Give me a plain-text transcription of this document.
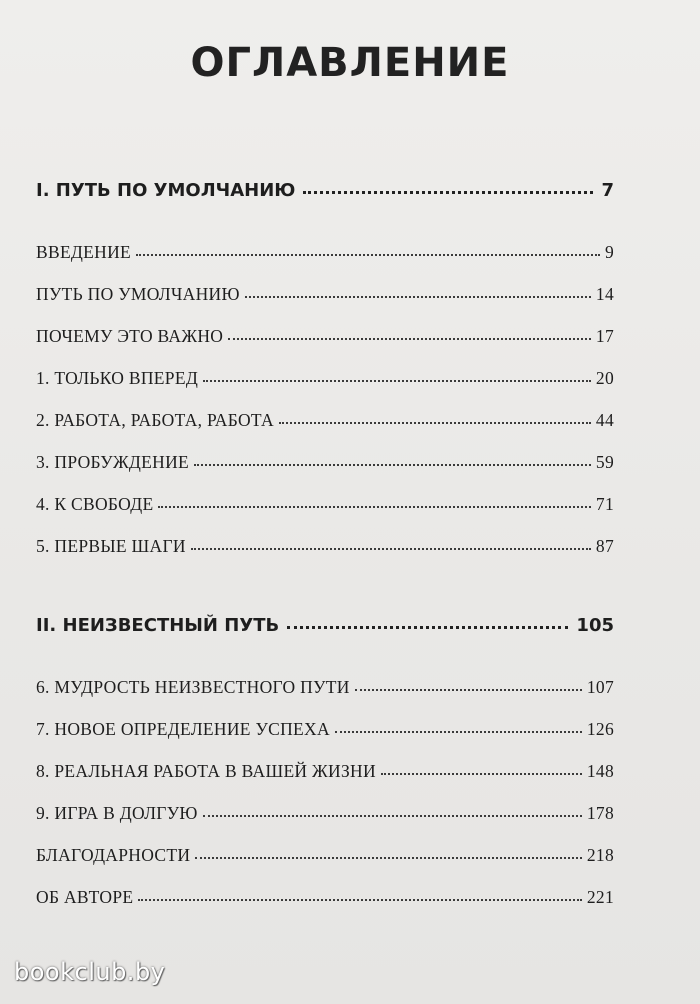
ОГЛАВЛЕНИЕ
I. ПУТЬ ПО УМОЛЧАНИЮ	7
ВВЕДЕНИЕ	9
ПУТЬ ПО УМОЛЧАНИЮ	14
ПОЧЕМУ ЭТО ВАЖНО	17
1. ТОЛЬКО ВПЕРЕД	20
2. РАБОТА, РАБОТА, РАБОТА	44
3. ПРОБУЖДЕНИЕ	59
4. К СВОБОДЕ	71
5. ПЕРВЫЕ ШАГИ	87
II. НЕИЗВЕСТНЫЙ ПУТЬ	105
6. МУДРОСТЬ НЕИЗВЕСТНОГО ПУТИ	107
7. НОВОЕ ОПРЕДЕЛЕНИЕ УСПЕХА	126
8. РЕАЛЬНАЯ РАБОТА В ВАШЕЙ ЖИЗНИ	148
9. ИГРА В ДОЛГУЮ	178
БЛАГОДАРНОСТИ	218
ОБ АВТОРЕ	221
bookclub.by
